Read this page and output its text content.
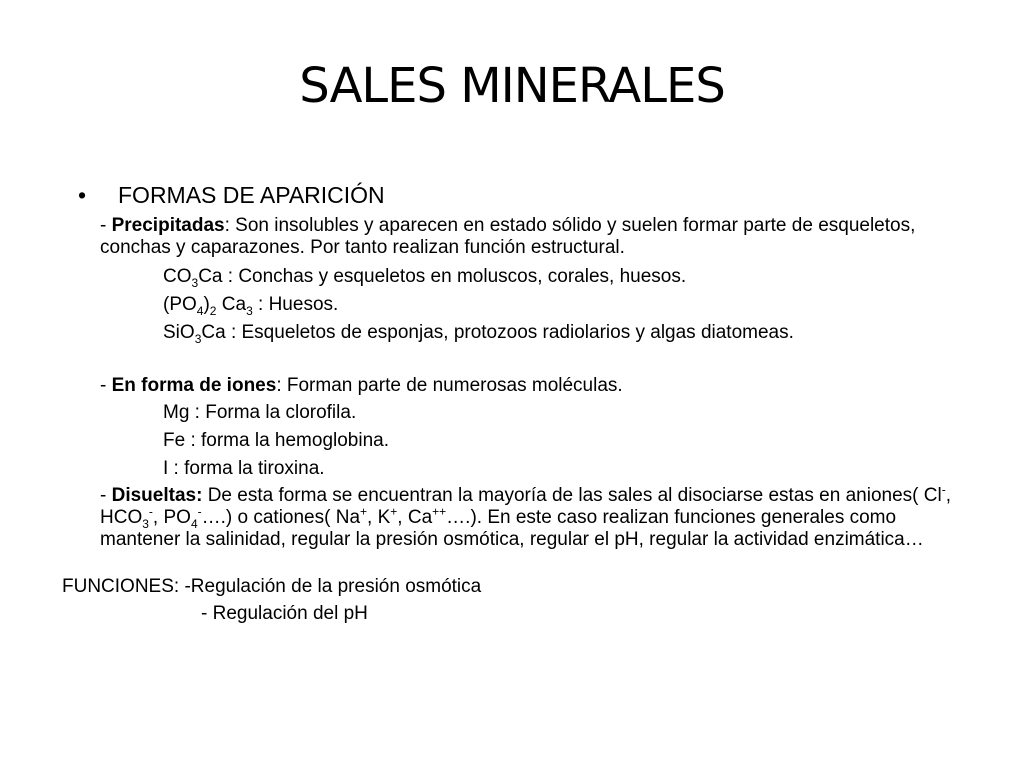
SALES MINERALES
• FORMAS DE APARICIÓN

- Precipitadas: Son insolubles y aparecen en estado sólido y suelen formar parte de esqueletos, conchas y caparazones. Por tanto realizan función estructural.

$CO_3Ca$ : Conchas y esqueletos en moluscos, corales, huesos.
$(PO_4)_2$ $Ca_3$ : Huesos.
SiO$_3$Ca : Esqueletos de esponjas, protozoos radiolarios y algas diatomeas.
- En forma de iones: Forman parte de numerosas moléculas.
Mg : Forma la clorofila.
Fe : forma la hemoglobina.
I : forma la tiroxina.

- Disueltas: De esta forma se encuentran la mayoría de las sales al disociarse estas en aniones( Cl-, $HCO_3^-$, $PO_4^-\dots$.) o cationes( Na+, K+, Ca++….). En este caso realizan funciones generales como mantener la salinidad, regular la presión osmótica, regular el pH, regular la actividad enzimática…

FUNCIONES: -Regulación de la presión osmótica
- Regulación del pH
